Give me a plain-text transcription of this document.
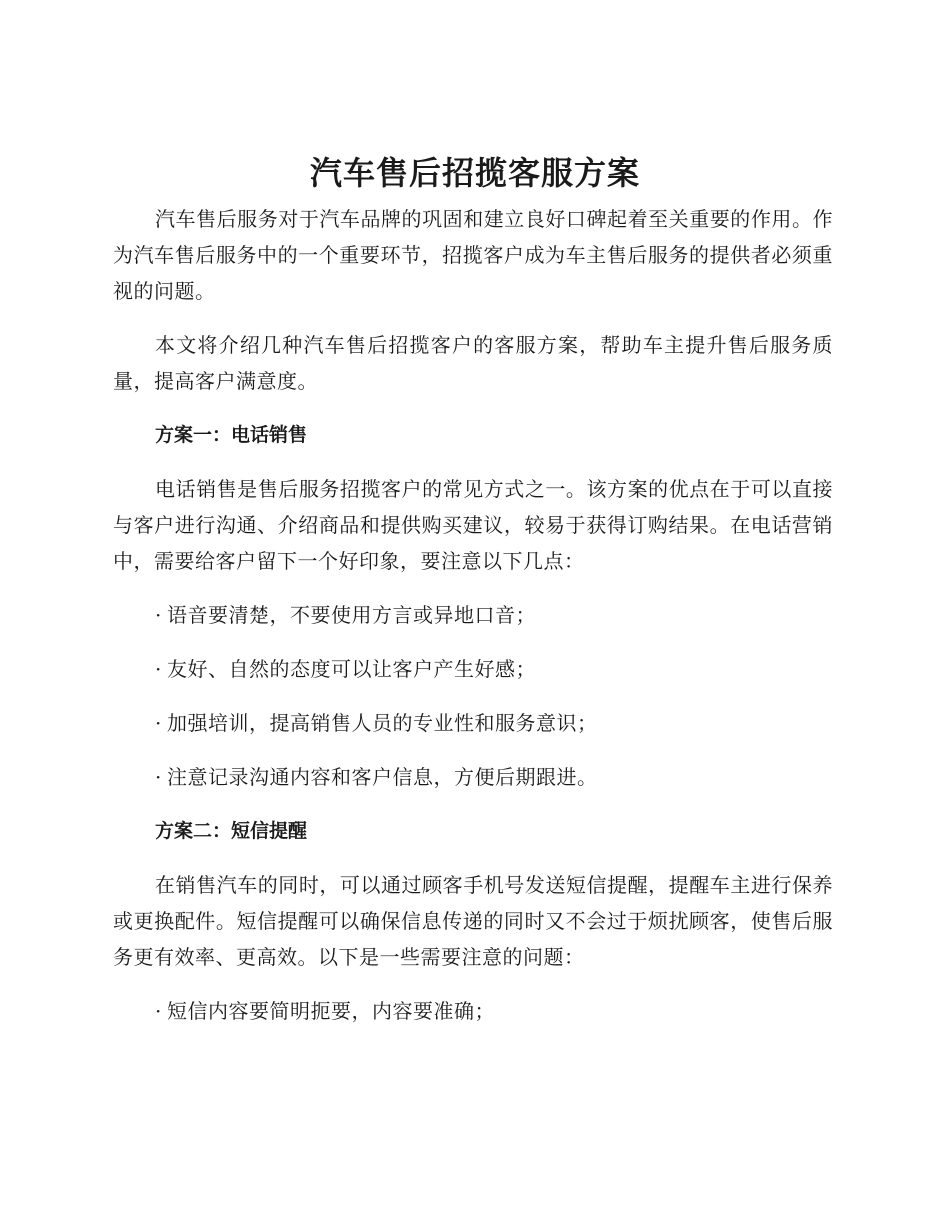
汽车售后招揽客服方案

汽车售后服务对于汽车品牌的巩固和建立良好口碑起着至关重要的作用。作为汽车售后服务中的一个重要环节，招揽客户成为车主售后服务的提供者必须重视的问题。

本文将介绍几种汽车售后招揽客户的客服方案，帮助车主提升售后服务质量，提高客户满意度。

方案一：电话销售

电话销售是售后服务招揽客户的常见方式之一。该方案的优点在于可以直接与客户进行沟通、介绍商品和提供购买建议，较易于获得订购结果。在电话营销中，需要给客户留下一个好印象，要注意以下几点：

· 语音要清楚，不要使用方言或异地口音；

· 友好、自然的态度可以让客户产生好感；

· 加强培训，提高销售人员的专业性和服务意识；

· 注意记录沟通内容和客户信息，方便后期跟进。

方案二：短信提醒

在销售汽车的同时，可以通过顾客手机号发送短信提醒，提醒车主进行保养或更换配件。短信提醒可以确保信息传递的同时又不会过于烦扰顾客，使售后服务更有效率、更高效。以下是一些需要注意的问题：

· 短信内容要简明扼要，内容要准确；
